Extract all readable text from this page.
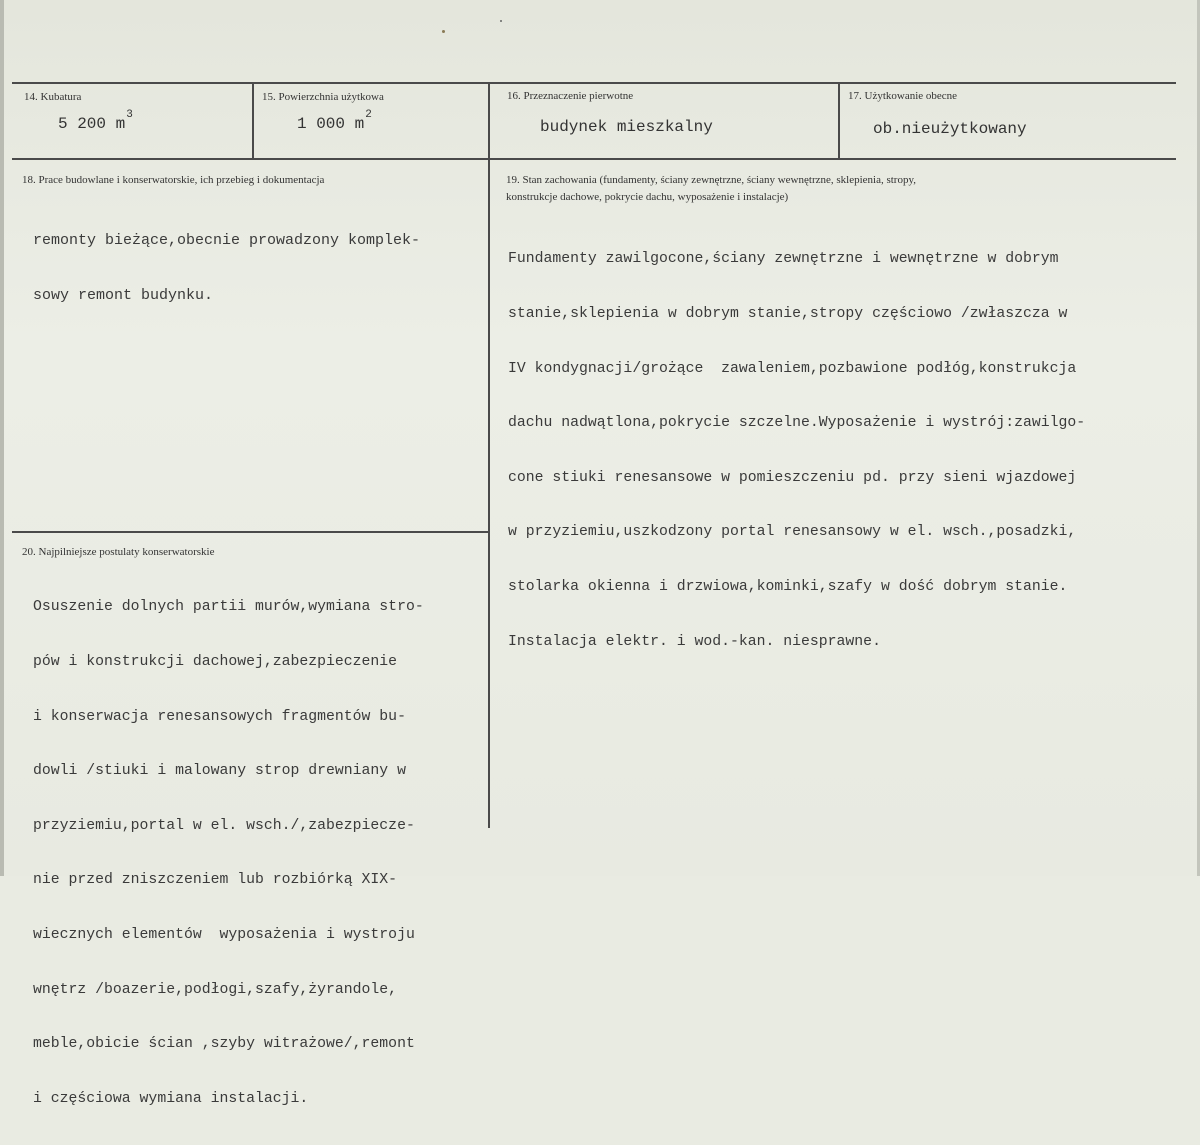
14. Kubatura
5 200 $m^3$
15. Powierzchnia użytkowa
1 000 $m^2$
16. Przeznaczenie pierwotne
budynek mieszkalny
17. Użytkowanie obecne
ob.nieużytkowany
18. Prace budowlane i konserwatorskie, ich przebieg i dokumentacja

remonty bieżące,obecnie prowadzony komplek-

sowy remont budynku.

19. Stan zachowania (fundamenty, ściany zewnętrzne, ściany wewnętrzne, sklepienia, stropy,
konstrukcje dachowe, pokrycie dachu, wyposażenie i instalacje)

Fundamenty zawilgocone,ściany zewnętrzne i wewnętrzne w dobrym

stanie,sklepienia w dobrym stanie,stropy częściowo /zwłaszcza w

IV kondygnacji/grożące  zawaleniem,pozbawione podłóg,konstrukcja

dachu nadwątlona,pokrycie szczelne.Wyposażenie i wystrój:zawilgo-

cone stiuki renesansowe w pomieszczeniu pd. przy sieni wjazdowej

w przyziemiu,uszkodzony portal renesansowy w el. wsch.,posadzki,

stolarka okienna i drzwiowa,kominki,szafy w dość dobrym stanie.

Instalacja elektr. i wod.-kan. niesprawne.

20. Najpilniejsze postulaty konserwatorskie

Osuszenie dolnych partii murów,wymiana stro-

pów i konstrukcji dachowej,zabezpieczenie

i konserwacja renesansowych fragmentów bu-

dowli /stiuki i malowany strop drewniany w

przyziemiu,portal w el. wsch./,zabezpiecze-

nie przed zniszczeniem lub rozbiórką XIX-

wiecznych elementów  wyposażenia i wystroju

wnętrz /boazerie,podłogi,szafy,żyrandole,

meble,obicie ścian ,szyby witrażowe/,remont

i częściowa wymiana instalacji.
